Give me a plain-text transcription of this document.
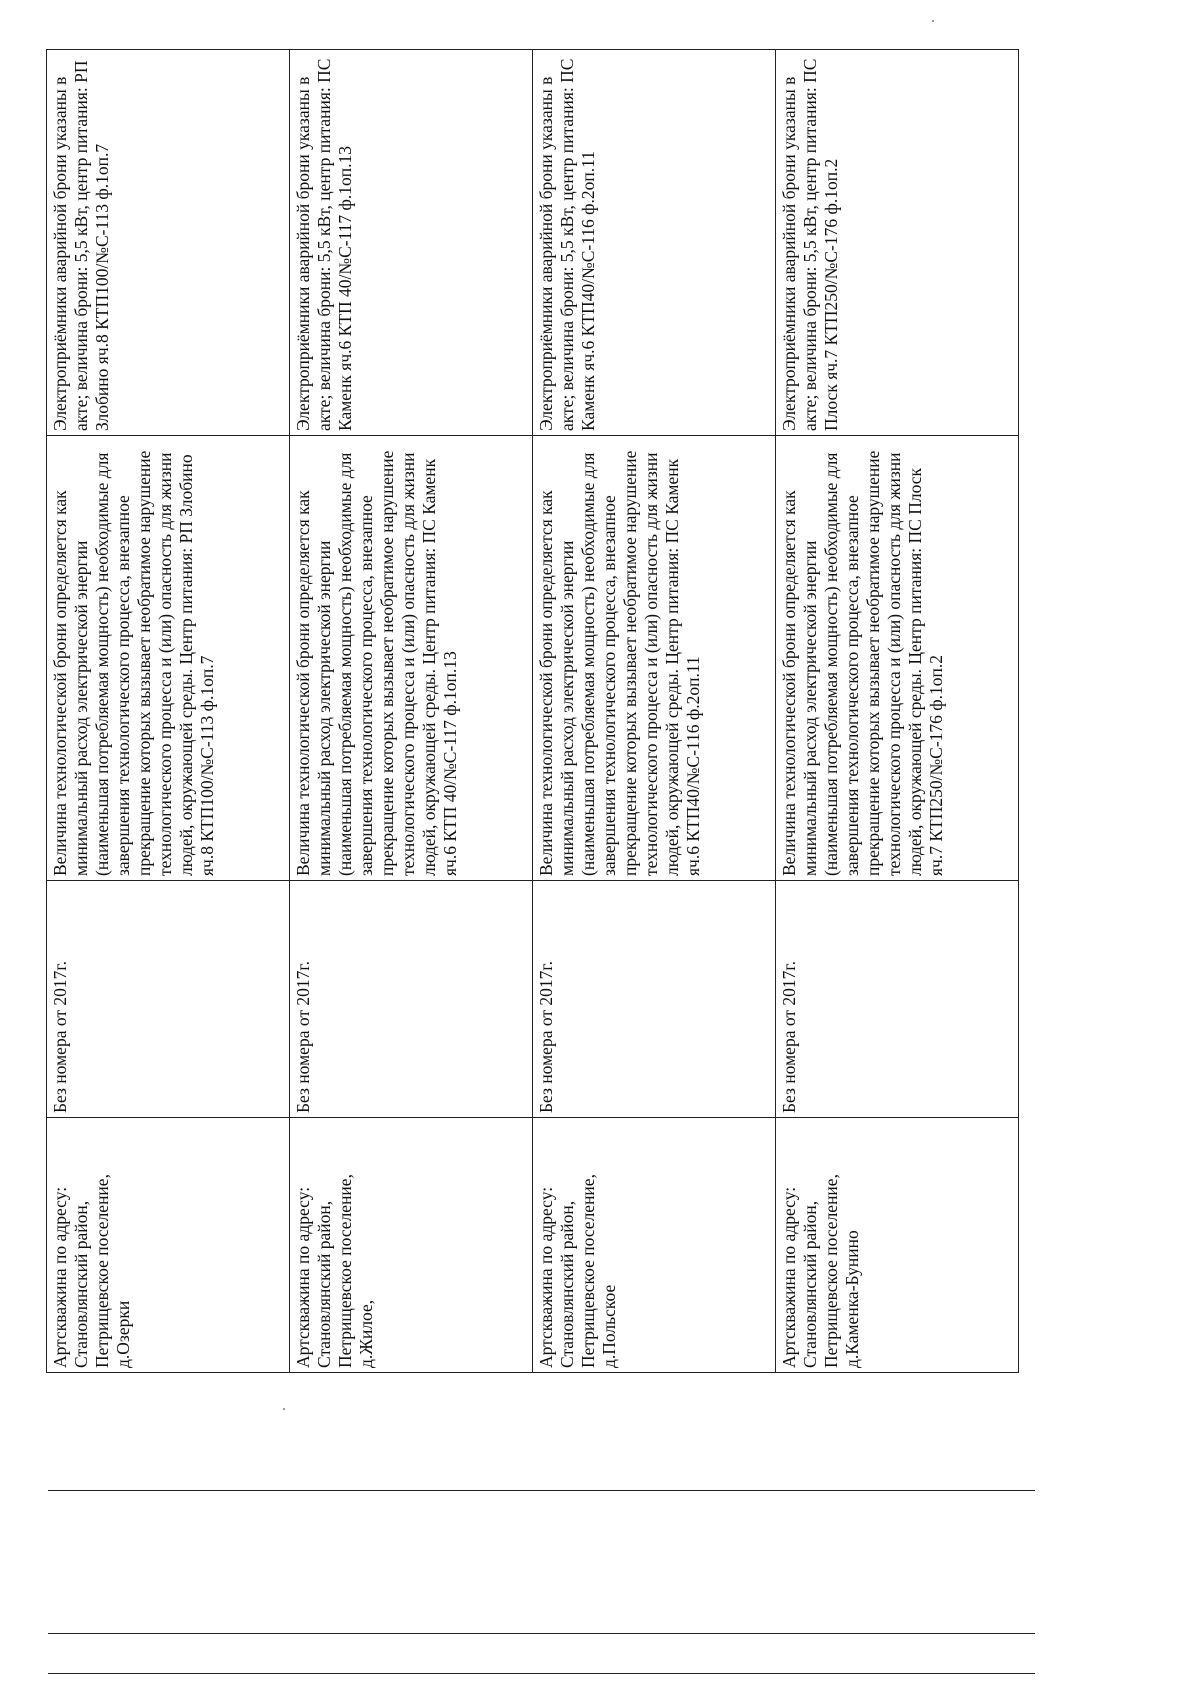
Артскважина по адресу: Становлянский район, Петрищевское поселение, д.Озерки	Без номера от 2017г.	Величина технологической брони определяется как минимальный расход электрической энергии (наименьшая потребляемая мощность) необходимые для завершения технологического процесса, внезапное прекращение которых вызывает необратимое нарушение технологического процесса и (или) опасность для жизни людей, окружающей среды. Центр питания: РП Злобино яч.8 КТП100/№С-113 ф.1оп.7	Электроприёмники аварийной брони указаны в акте; величина брони: 5,5 кВт, центр питания: РП Злобино яч.8 КТП100/№С-113 ф.1оп.7
Артскважина по адресу: Становлянский район, Петрищевское поселение, д.Жилое,	Без номера от 2017г.	Величина технологической брони определяется как минимальный расход электрической энергии (наименьшая потребляемая мощность) необходимые для завершения технологического процесса, внезапное прекращение которых вызывает необратимое нарушение технологического процесса и (или) опасность для жизни людей, окружающей среды. Центр питания: ПС Каменк яч.6 КТП 40/№С-117 ф.1оп.13	Электроприёмники аварийной брони указаны в акте; величина брони: 5,5 кВт, центр питания: ПС Каменк яч.6 КТП 40/№С-117 ф.1оп.13
Артскважина по адресу: Становлянский район, Петрищевское поселение, д.Польское	Без номера от 2017г.	Величина технологической брони определяется как минимальный расход электрической энергии (наименьшая потребляемая мощность) необходимые для завершения технологического процесса, внезапное прекращение которых вызывает необратимое нарушение технологического процесса и (или) опасность для жизни людей, окружающей среды. Центр питания: ПС Каменк яч.6 КТП40/№С-116 ф.2оп.11	Электроприёмники аварийной брони указаны в акте; величина брони: 5,5 кВт, центр питания: ПС Каменк яч.6 КТП40/№С-116 ф.2оп.11
Артскважина по адресу: Становлянский район, Петрищевское поселение, д.Каменка-Бунино	Без номера от 2017г.	Величина технологической брони определяется как минимальный расход электрической энергии (наименьшая потребляемая мощность) необходимые для завершения технологического процесса, внезапное прекращение которых вызывает необратимое нарушение технологического процесса и (или) опасность для жизни людей, окружающей среды. Центр питания: ПС Плоск яч.7 КТП250/№С-176 ф.1оп.2	Электроприёмники аварийной брони указаны в акте; величина брони: 5,5 кВт, центр питания: ПС Плоск яч.7 КТП250/№С-176 ф.1оп.2
